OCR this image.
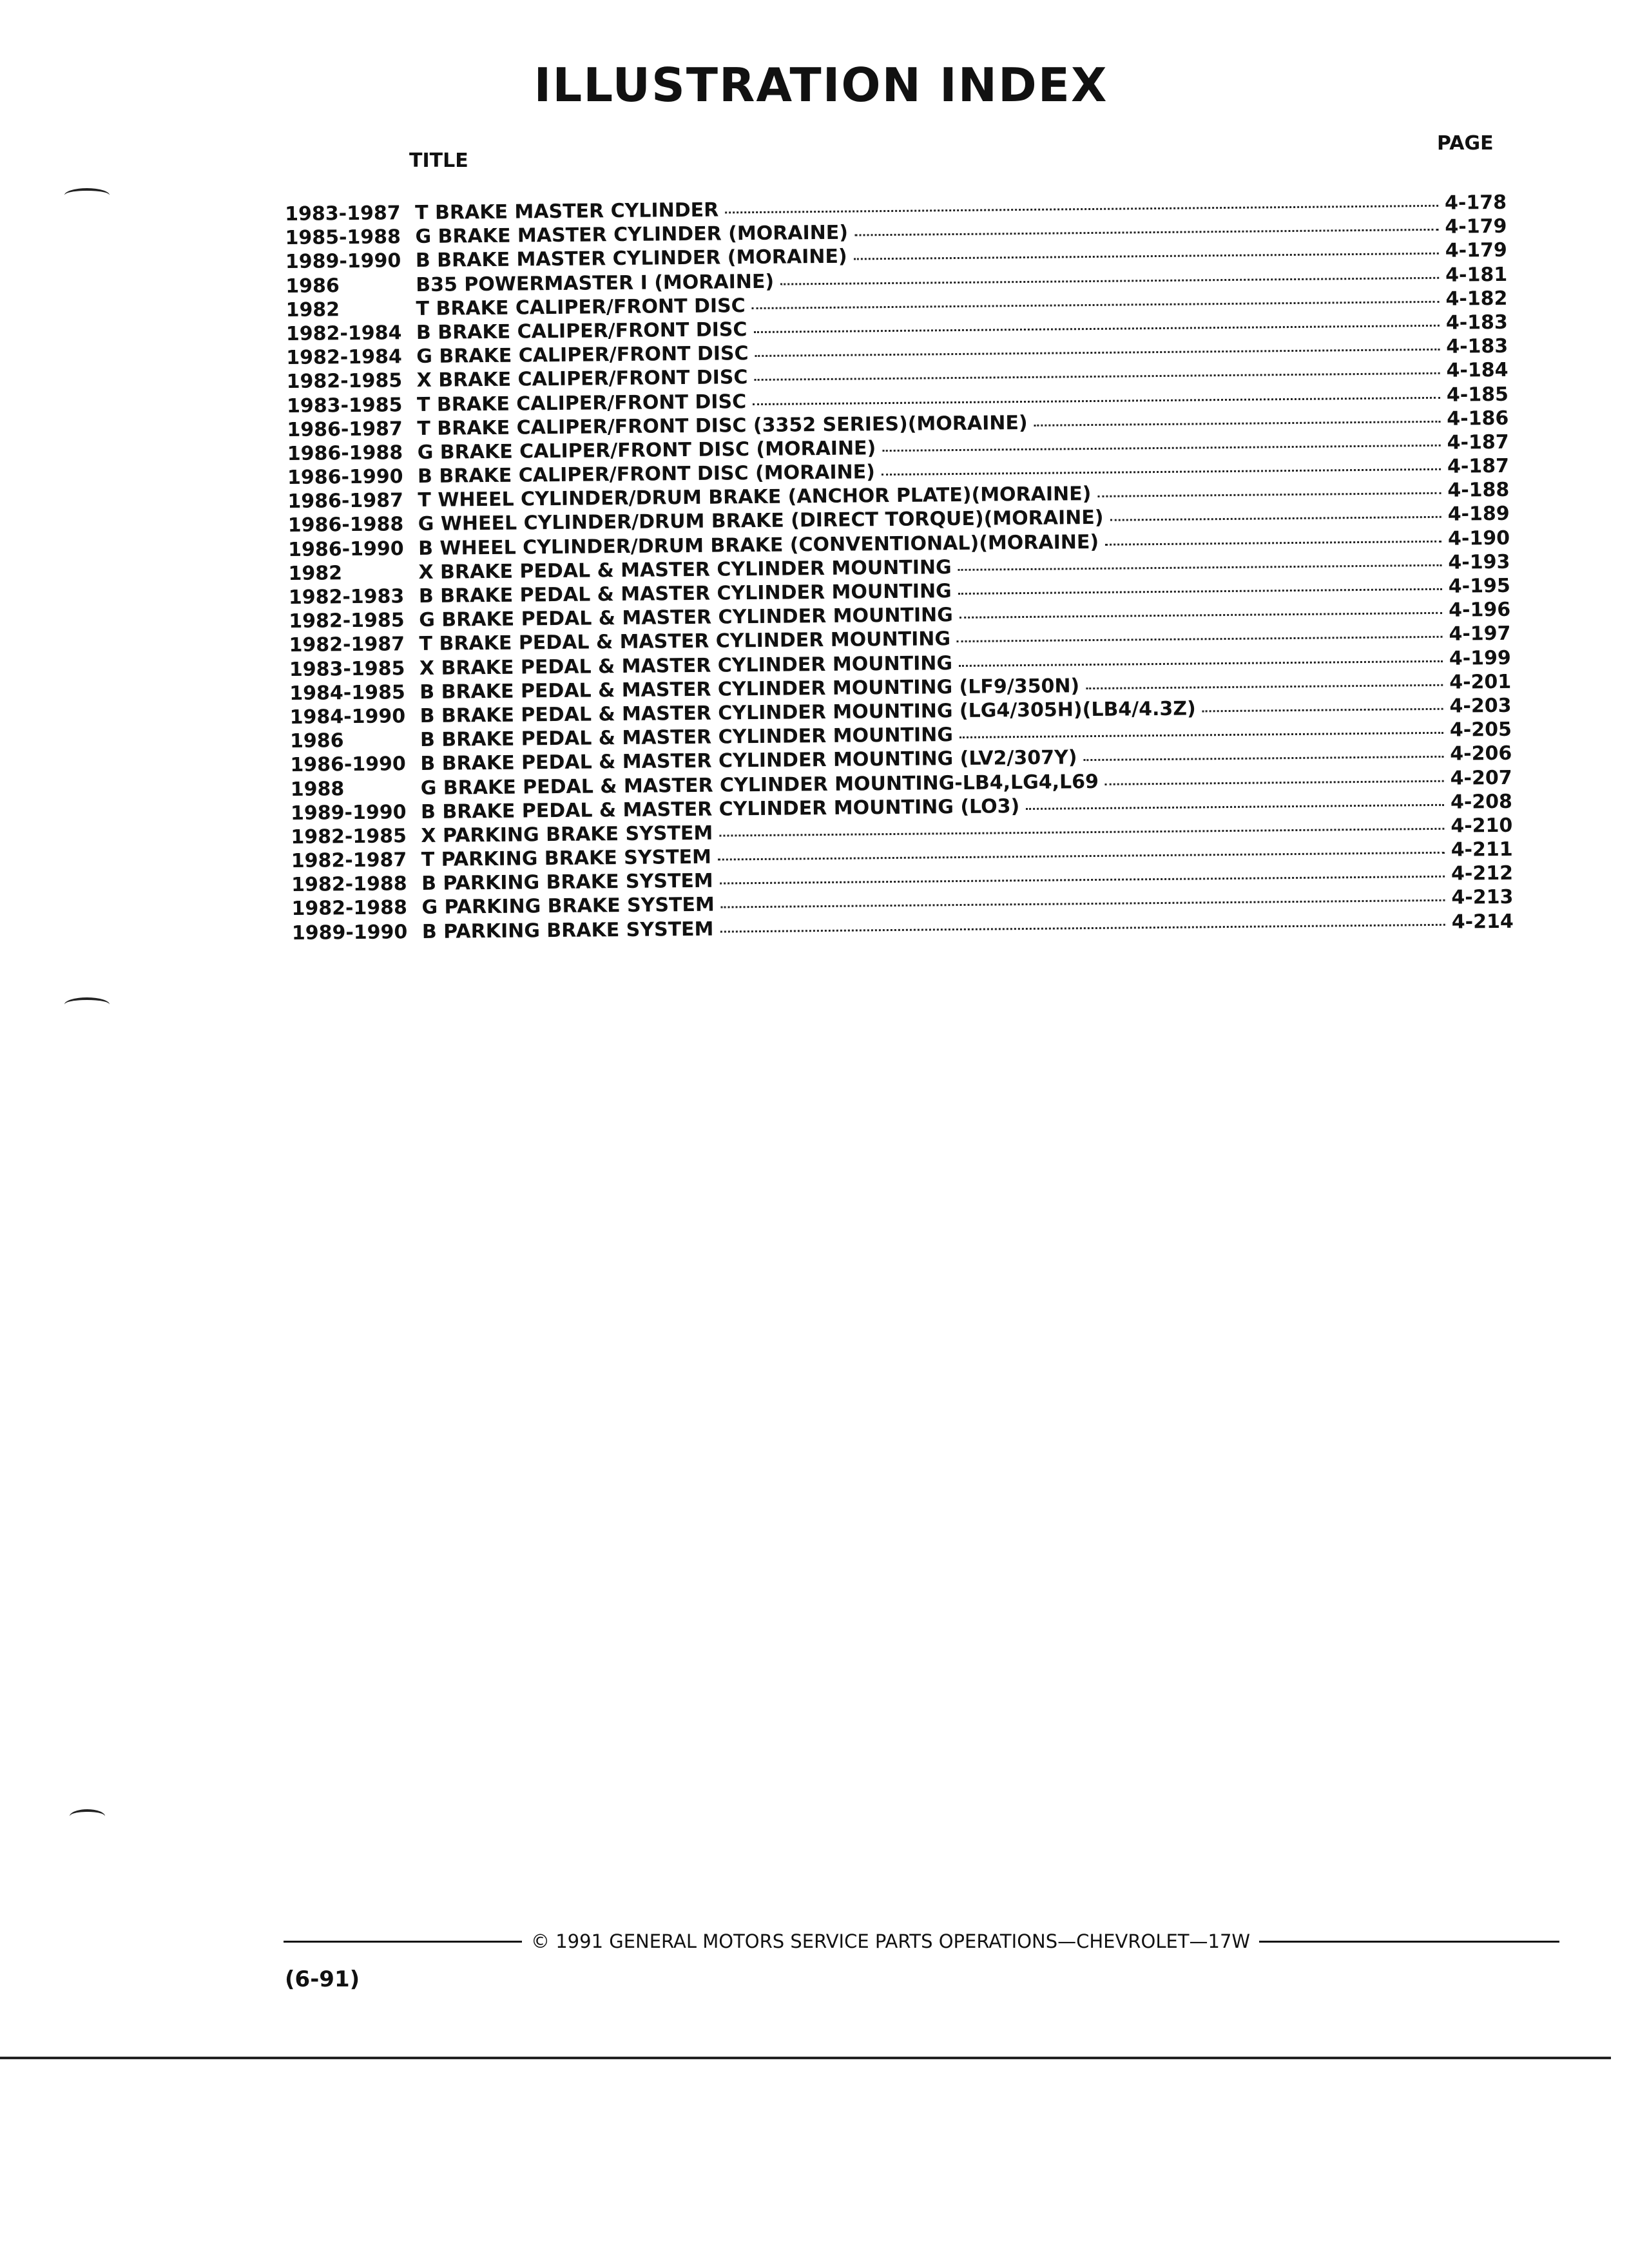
ILLUSTRATION INDEX
TITLE
PAGE
1983-1987 T BRAKE MASTER CYLINDER	4-178
1985-1988 G BRAKE MASTER CYLINDER (MORAINE)	4-179
1989-1990 B BRAKE MASTER CYLINDER (MORAINE)	4-179
1986	B35 POWERMASTER I (MORAINE)	4-181
1982	T BRAKE CALIPER/FRONT DISC	4-182
1982-1984 B BRAKE CALIPER/FRONT DISC	4-183
1982-1984 G BRAKE CALIPER/FRONT DISC	4-183
1982-1985 X BRAKE CALIPER/FRONT DISC	4-184
1983-1985 T BRAKE CALIPER/FRONT DISC	4-185
1986-1987 T BRAKE CALIPER/FRONT DISC (3352 SERIES)(MORAINE)	4-186
1986-1988 G BRAKE CALIPER/FRONT DISC (MORAINE)	4-187
1986-1990 B BRAKE CALIPER/FRONT DISC (MORAINE)	4-187
1986-1987 T WHEEL CYLINDER/DRUM BRAKE (ANCHOR PLATE)(MORAINE)	4-188
1986-1988 G WHEEL CYLINDER/DRUM BRAKE (DIRECT TORQUE)(MORAINE)	4-189
1986-1990 B WHEEL CYLINDER/DRUM BRAKE (CONVENTIONAL)(MORAINE)	4-190
1982	X BRAKE PEDAL & MASTER CYLINDER MOUNTING	4-193
1982-1983 B BRAKE PEDAL & MASTER CYLINDER MOUNTING	4-195
1982-1985 G BRAKE PEDAL & MASTER CYLINDER MOUNTING	4-196
1982-1987 T BRAKE PEDAL & MASTER CYLINDER MOUNTING	4-197
1983-1985 X BRAKE PEDAL & MASTER CYLINDER MOUNTING	4-199
1984-1985 B BRAKE PEDAL & MASTER CYLINDER MOUNTING (LF9/350N)	4-201
1984-1990 B BRAKE PEDAL & MASTER CYLINDER MOUNTING (LG4/305H)(LB4/4.3Z)	4-203
1986	B BRAKE PEDAL & MASTER CYLINDER MOUNTING	4-205
1986-1990 B BRAKE PEDAL & MASTER CYLINDER MOUNTING (LV2/307Y)	4-206
1988	G BRAKE PEDAL & MASTER CYLINDER MOUNTING-LB4,LG4,L69	4-207
1989-1990 B BRAKE PEDAL & MASTER CYLINDER MOUNTING (LO3)	4-208
1982-1985 X PARKING BRAKE SYSTEM	4-210
1982-1987 T PARKING BRAKE SYSTEM	4-211
1982-1988 B PARKING BRAKE SYSTEM	4-212
1982-1988 G PARKING BRAKE SYSTEM	4-213
1989-1990 B PARKING BRAKE SYSTEM	4-214
© 1991 GENERAL MOTORS SERVICE PARTS OPERATIONS—CHEVROLET—17W
(6-91)
